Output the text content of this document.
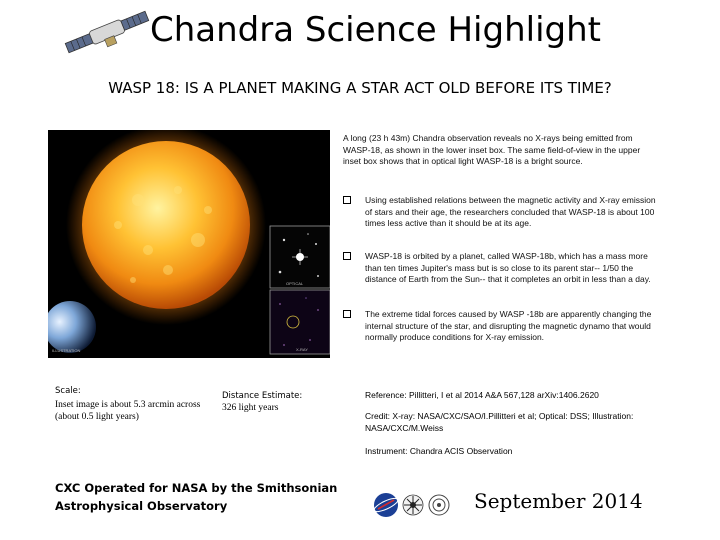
Chandra Science Highlight
WASP 18: IS A PLANET MAKING A STAR ACT OLD BEFORE ITS TIME?
ILLUSTRATION
OPTICAL
X-RAY
A long (23 h 43m) Chandra observation reveals no X-rays being emitted from WASP-18, as shown in the lower inset box. The same field-of-view in the upper inset box shows that in optical light WASP-18 is a bright source.
Using established relations between the magnetic activity and X-ray emission of stars and their age, the researchers concluded that WASP-18 is about 100 times less active than it should be at its age.
WASP-18 is orbited by a planet, called WASP-18b, which has a mass more than ten times Jupiter's mass but is so close to its parent star-- 1/50 the distance of Earth from the Sun-- that it completes an orbit in less than a day.
The extreme tidal forces caused by WASP -18b are apparently changing the internal structure of the star, and disrupting the magnetic dynamo that would normally produce conditions for X-ray emission.
Scale:
Inset image is about 5.3 arcmin across (about 0.5 light years)
Distance Estimate:
326 light years
Reference: Pillitteri, I et al 2014 A&A 567,128 arXiv:1406.2620
Credit: X-ray: NASA/CXC/SAO/I.Pillitteri et al; Optical: DSS; Illustration: NASA/CXC/M.Weiss
Instrument: Chandra ACIS Observation
CXC Operated for NASA by the Smithsonian Astrophysical Observatory	September 2014
